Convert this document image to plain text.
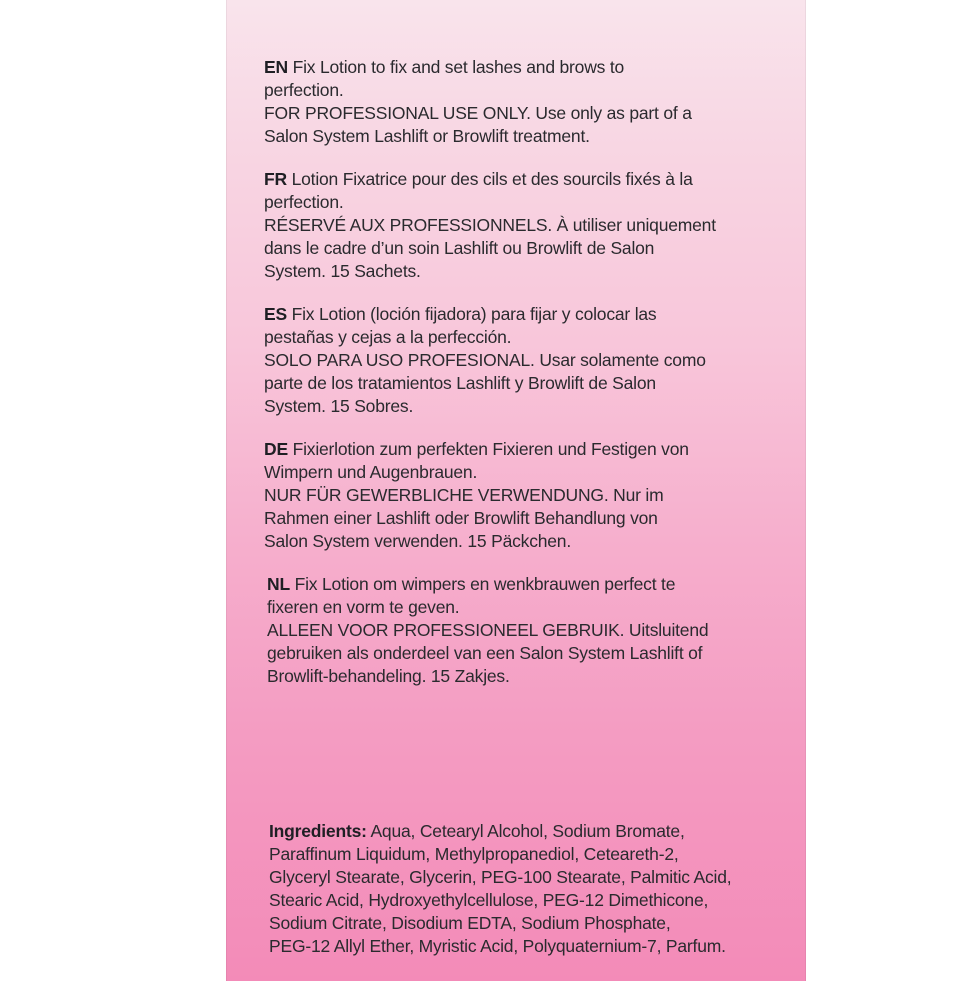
EN Fix Lotion to fix and set lashes and brows to
perfection.
FOR PROFESSIONAL USE ONLY. Use only as part of a
Salon System Lashlift or Browlift treatment.

FR Lotion Fixatrice pour des cils et des sourcils fixés à la
perfection.
RÉSERVÉ AUX PROFESSIONNELS. À utiliser uniquement
dans le cadre d’un soin Lashlift ou Browlift de Salon
System. 15 Sachets.

ES Fix Lotion (loción fijadora) para fijar y colocar las
pestañas y cejas a la perfección.
SOLO PARA USO PROFESIONAL. Usar solamente como
parte de los tratamientos Lashlift y Browlift de Salon
System. 15 Sobres.

DE Fixierlotion zum perfekten Fixieren und Festigen von
Wimpern und Augenbrauen.
NUR FÜR GEWERBLICHE VERWENDUNG. Nur im
Rahmen einer Lashlift oder Browlift Behandlung von
Salon System verwenden. 15 Päckchen.

NL Fix Lotion om wimpers en wenkbrauwen perfect te
fixeren en vorm te geven.
ALLEEN VOOR PROFESSIONEEL GEBRUIK. Uitsluitend
gebruiken als onderdeel van een Salon System Lashlift of
Browlift-behandeling. 15 Zakjes.

Ingredients: Aqua, Cetearyl Alcohol, Sodium Bromate,
Paraffinum Liquidum, Methylpropanediol, Ceteareth-2,
Glyceryl Stearate, Glycerin, PEG-100 Stearate, Palmitic Acid,
Stearic Acid, Hydroxyethylcellulose, PEG-12 Dimethicone,
Sodium Citrate, Disodium EDTA, Sodium Phosphate,
PEG-12 Allyl Ether, Myristic Acid, Polyquaternium-7, Parfum.
